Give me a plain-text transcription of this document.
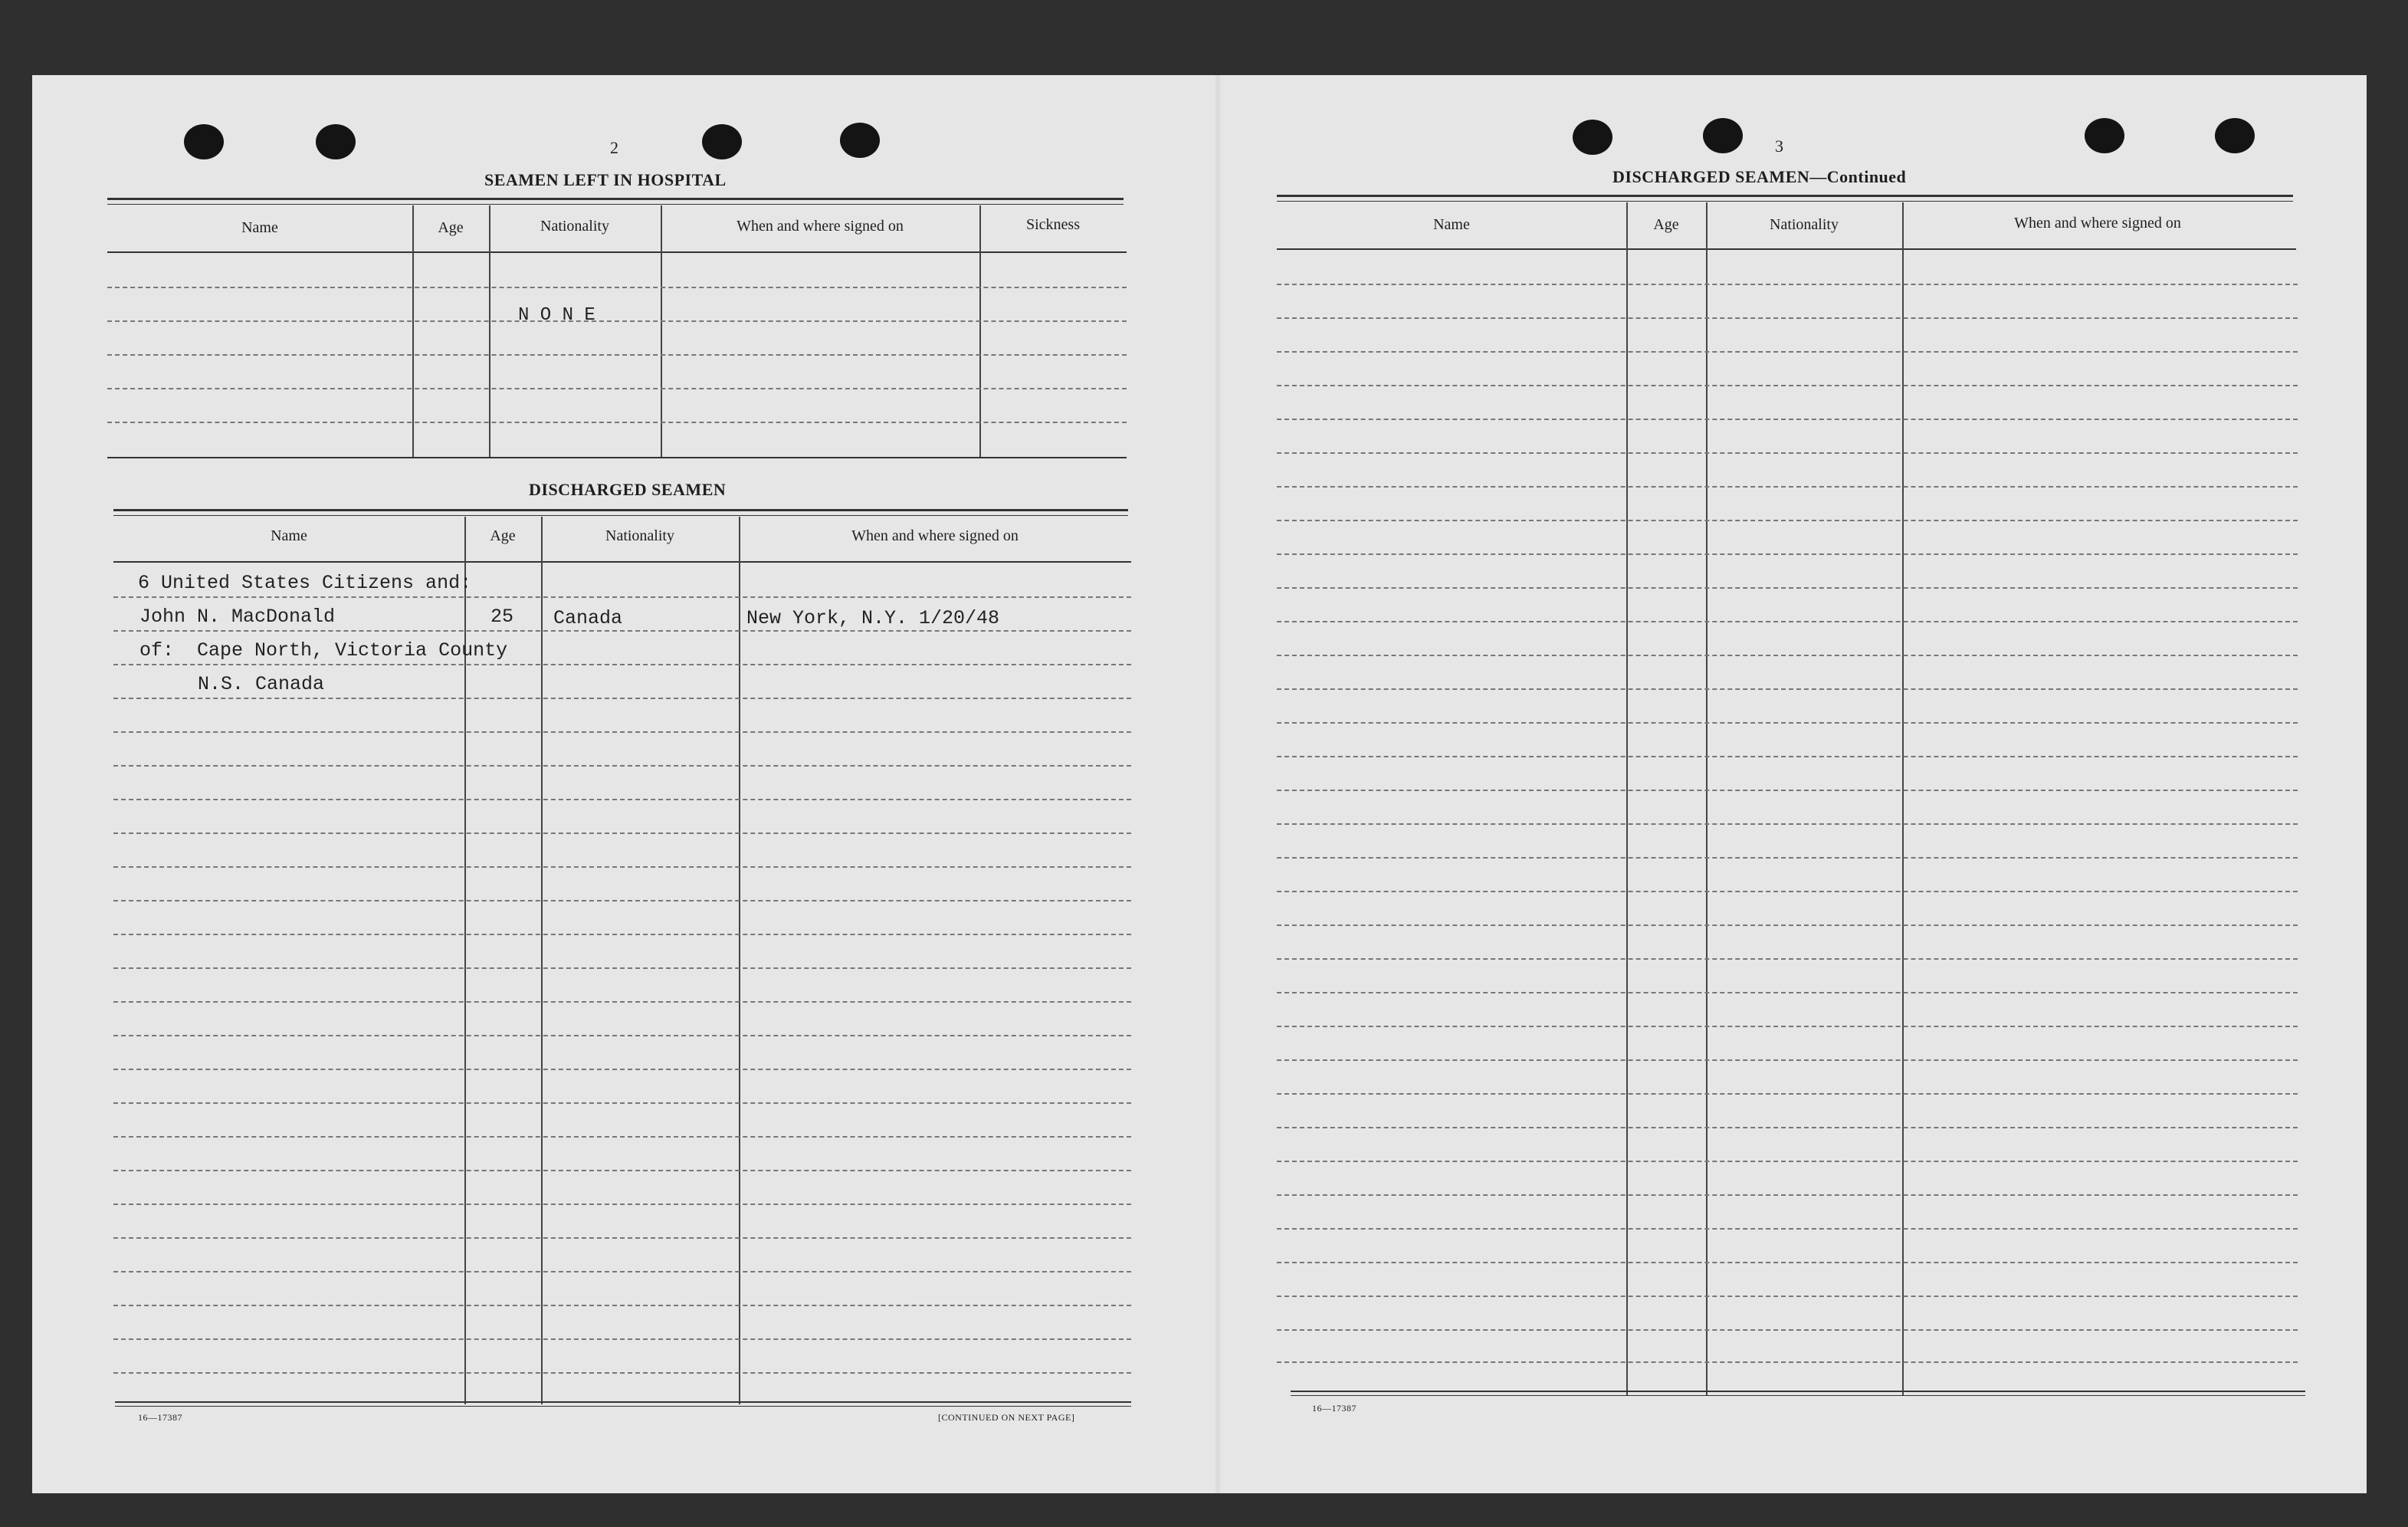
2
SEAMEN LEFT IN HOSPITAL
Name	Age	Nationality	When and where signed on	Sickness
N O N E
DISCHARGED SEAMEN
Name	Age	Nationality	When and where signed on
6 United States Citizens and:
John N. MacDonald	25 Canada	New York, N.Y. 1/20/48
of:  Cape North, Victoria County
N.S. Canada
16—17387	[CONTINUED ON NEXT PAGE]
3
DISCHARGED SEAMEN—Continued
Name	Age	Nationality	When and where signed on
16—17387
